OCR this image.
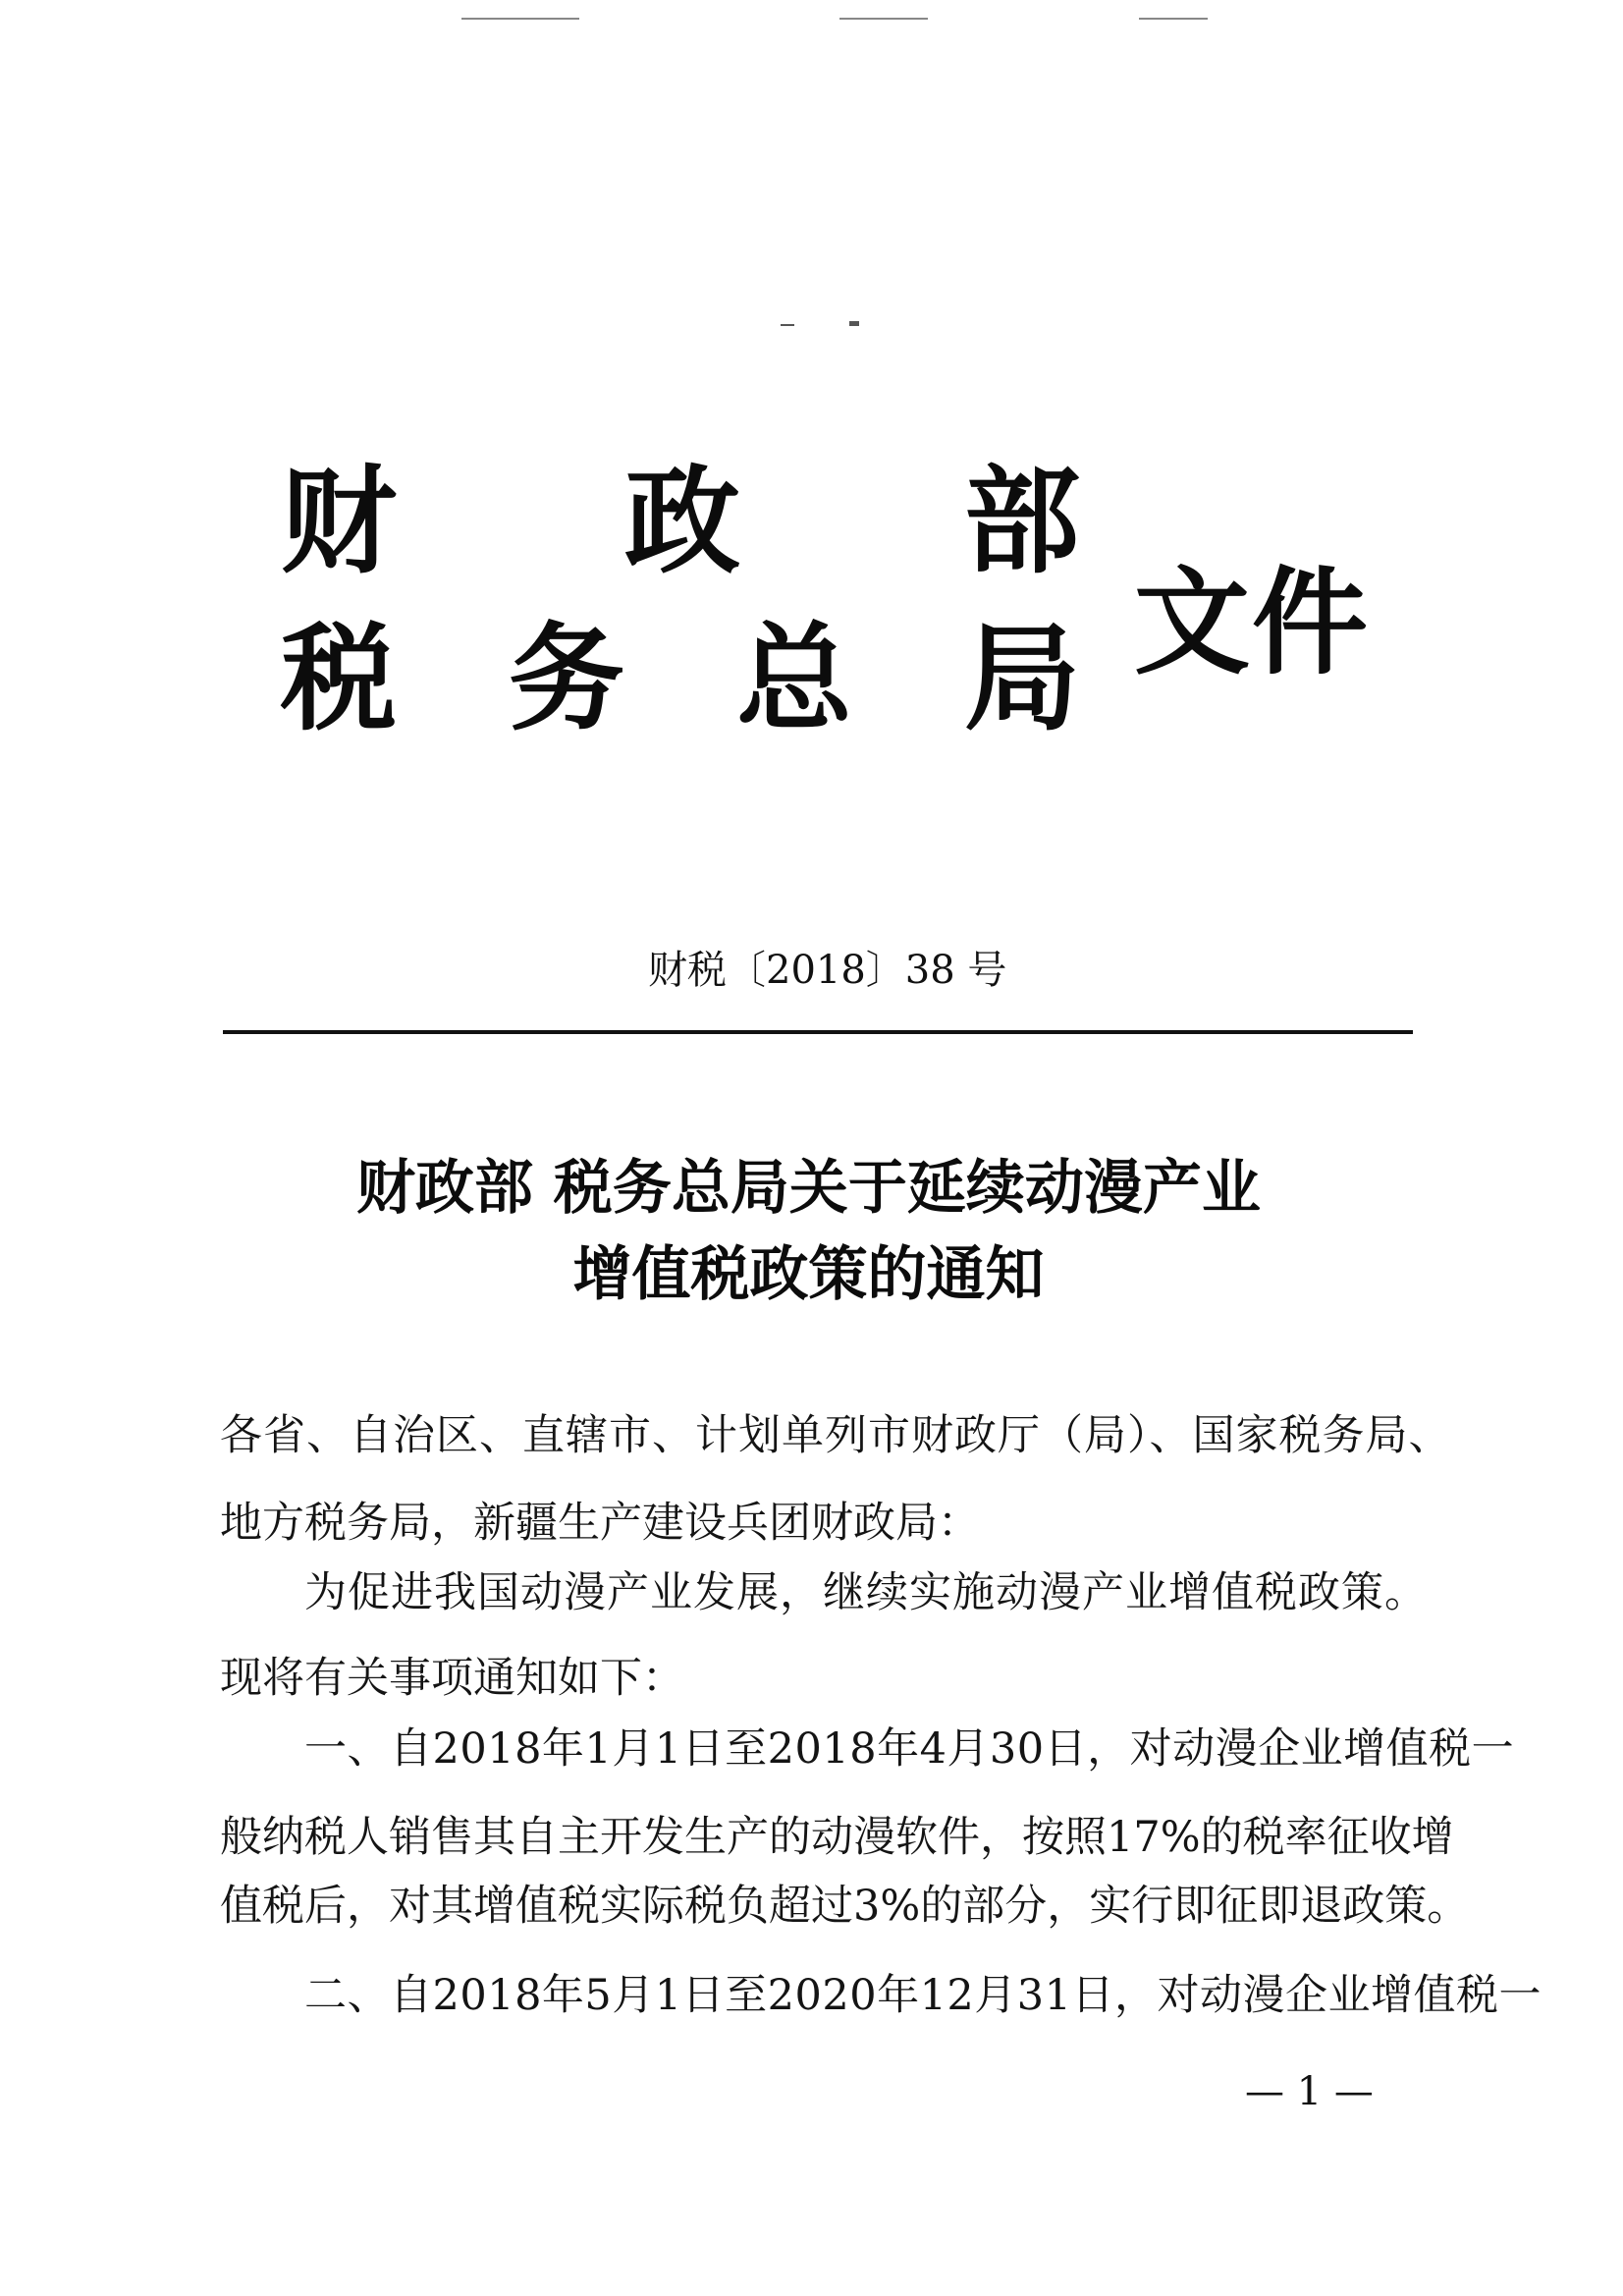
财 政 部
税 务 总 局 文件
财税〔2018〕38 号
财政部 税务总局关于延续动漫产业
增值税政策的通知
各省、自治区、直辖市、计划单列市财政厅（局）、国家税务局、
地方税务局，新疆生产建设兵团财政局：
为促进我国动漫产业发展，继续实施动漫产业增值税政策。
现将有关事项通知如下：
一、自2018年1月1日至2018年4月30日，对动漫企业增值税一
般纳税人销售其自主开发生产的动漫软件，按照17%的税率征收增
值税后，对其增值税实际税负超过3%的部分，实行即征即退政策。
二、自2018年5月1日至2020年12月31日，对动漫企业增值税一
— 1 —
